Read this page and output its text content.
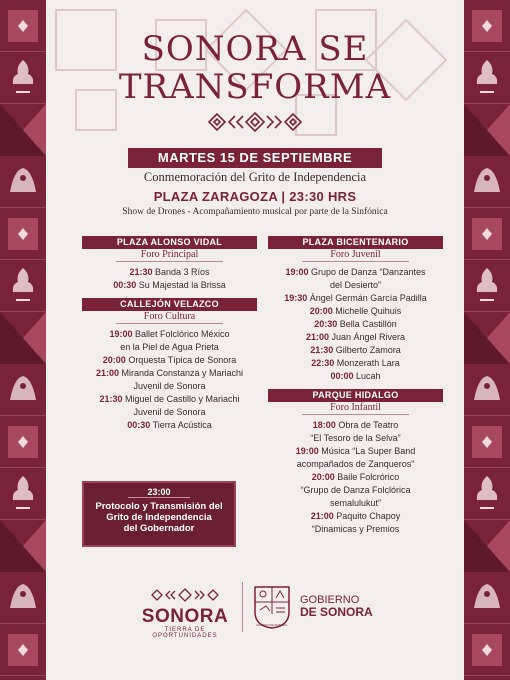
SONORA SE
TRANSFORMA
MARTES 15 DE SEPTIEMBRE
Conmemoración del Grito de Independencia
PLAZA ZARAGOZA | 23:30 HRS
Show de Drones - Acompañamiento musical por parte de la Sinfónica
PLAZA ALONSO VIDAL
Foro Principal
21:30 Banda 3 Ríos
00:30 Su Majestad la Brissa
CALLEJÓN VELAZCO
Foro Cultura
19:00 Ballet Folclórico México
en la Piel de Agua Prieta
20:00 Orquesta Típica de Sonora
21:00 Miranda Constanza y Mariachi
Juvenil de Sonora
21:30 Miguel de Castillo y Mariachi
Juvenil de Sonora
00:30 Tierra Acústica
PLAZA BICENTENARIO
Foro Juvenil
19:00 Grupo de Danza “Danzantes
del Desierto”
19:30 Ángel Germán García Padilla
20:00 Michelle Quihuis
20:30 Bella Castillón
21:00 Juan Ángel Rivera
21:30 Gilberto Zamora
22:30 Monzerath Lara
00:00 Lucah
PARQUE HIDALGO
Foro Infantil
18:00 Obra de Teatro
“El Tesoro de la Selva”
19:00 Música “La Super Band
acompañados de Zanqueros”
20:00 Baile Folcrórico
“Grupo de Danza Folclórica
semalulukut”
21:00 Paquito Chapoy
“Dinamicas y Premios
23:00
Protocolo y Transmisión del
Grito de Independencia
del Gobernador
SONORA
TIERRA DE OPORTUNIDADES
ESTADO DE SONORA
GOBIERNO
DE SONORA
